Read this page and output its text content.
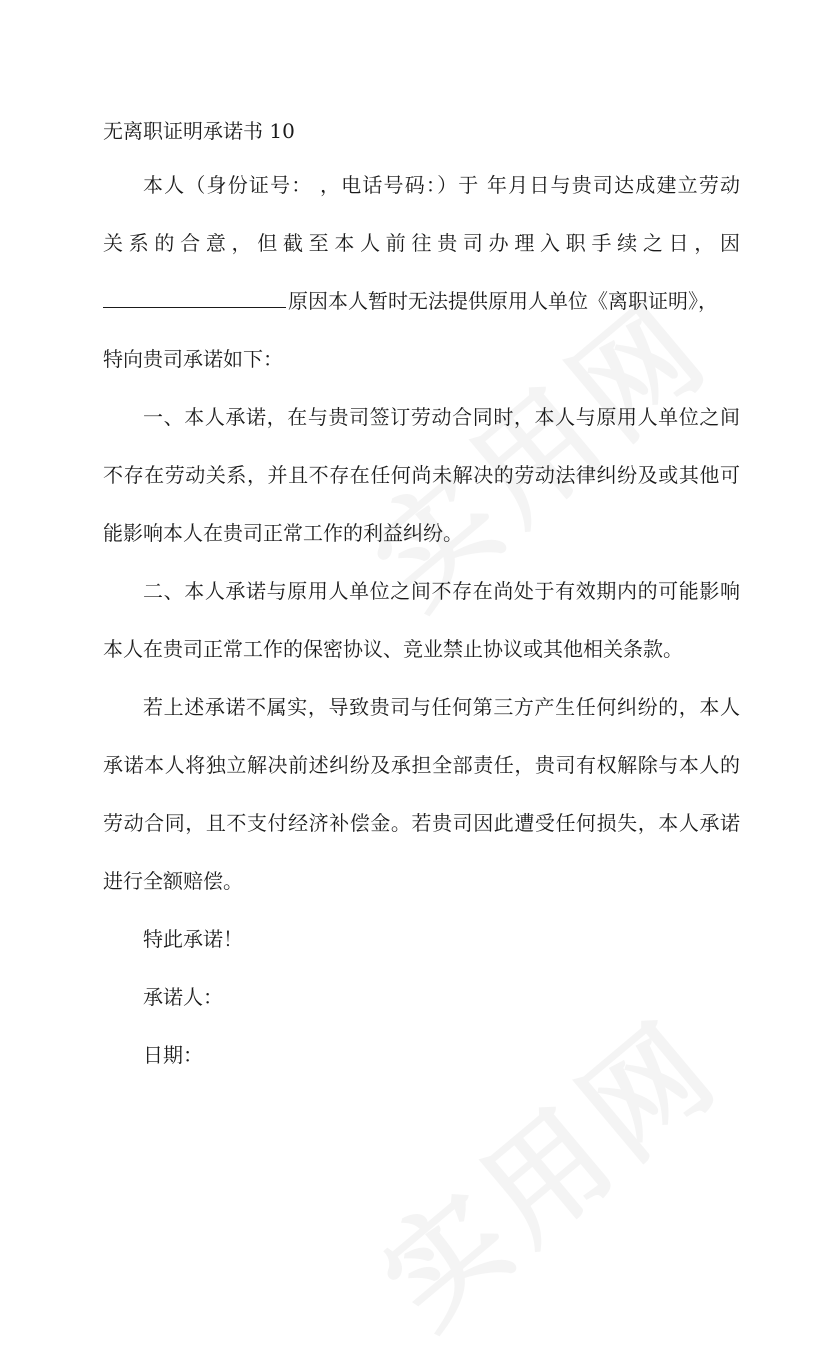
无离职证明承诺书 10

本人（身份证号： ，电话号码：）于 年月日与贵司达成建立劳动
关系的合意，但截至本人前往贵司办理入职手续之日，因
原因本人暂时无法提供原用人单位《离职证明》，
特向贵司承诺如下：

一、本人承诺，在与贵司签订劳动合同时，本人与原用人单位之间不存在劳动关系，并且不存在任何尚未解决的劳动法律纠纷及或其他可能影响本人在贵司正常工作的利益纠纷。

二、本人承诺与原用人单位之间不存在尚处于有效期内的可能影响本人在贵司正常工作的保密协议、竞业禁止协议或其他相关条款。

若上述承诺不属实，导致贵司与任何第三方产生任何纠纷的，本人承诺本人将独立解决前述纠纷及承担全部责任，贵司有权解除与本人的劳动合同，且不支付经济补偿金。若贵司因此遭受任何损失，本人承诺进行全额赔偿。

特此承诺！

承诺人：

日期：
